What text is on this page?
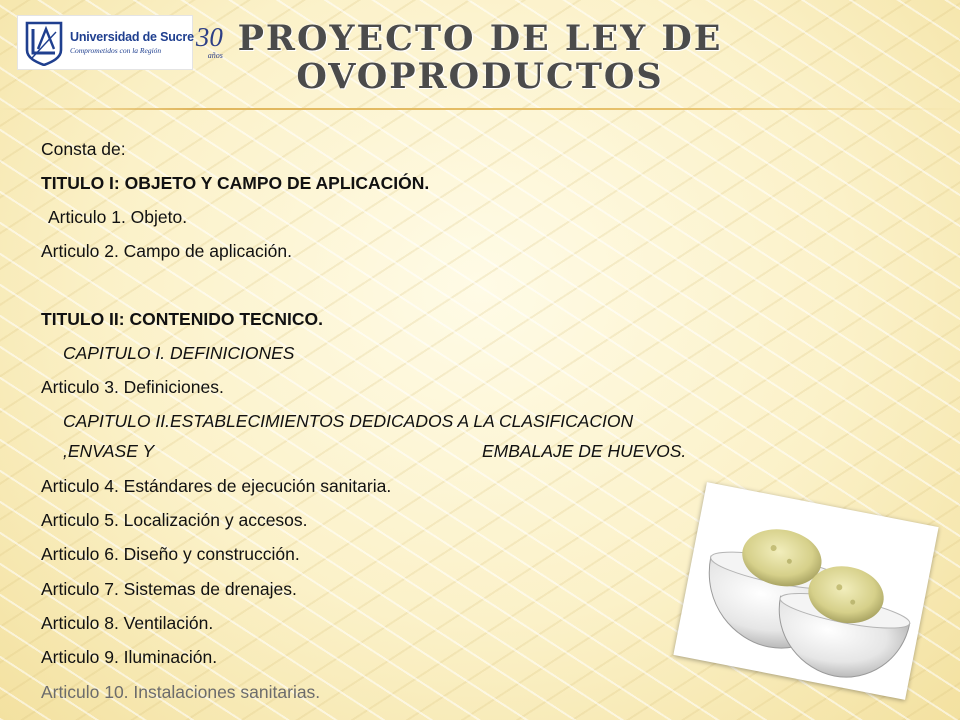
Universidad de Sucre
Comprometidos con la Región	30
años PROYECTO DE LEY DE
OVOPRODUCTOS

Consta de:

TITULO I: OBJETO Y CAMPO DE APLICACIÓN.

Articulo 1. Objeto.

Articulo 2. Campo de aplicación.

TITULO II: CONTENIDO TECNICO.

CAPITULO I. DEFINICIONES

Articulo 3. Definiciones.

CAPITULO II.ESTABLECIMIENTOS DEDICADOS A LA CLASIFICACION

,ENVASE Y	EMBALAJE DE HUEVOS.

Articulo 4. Estándares de ejecución sanitaria.

Articulo 5. Localización y accesos.

Articulo 6. Diseño y construcción.

Articulo 7. Sistemas de drenajes.

Articulo 8. Ventilación.

Articulo 9. Iluminación.

Articulo 10. Instalaciones sanitarias.
